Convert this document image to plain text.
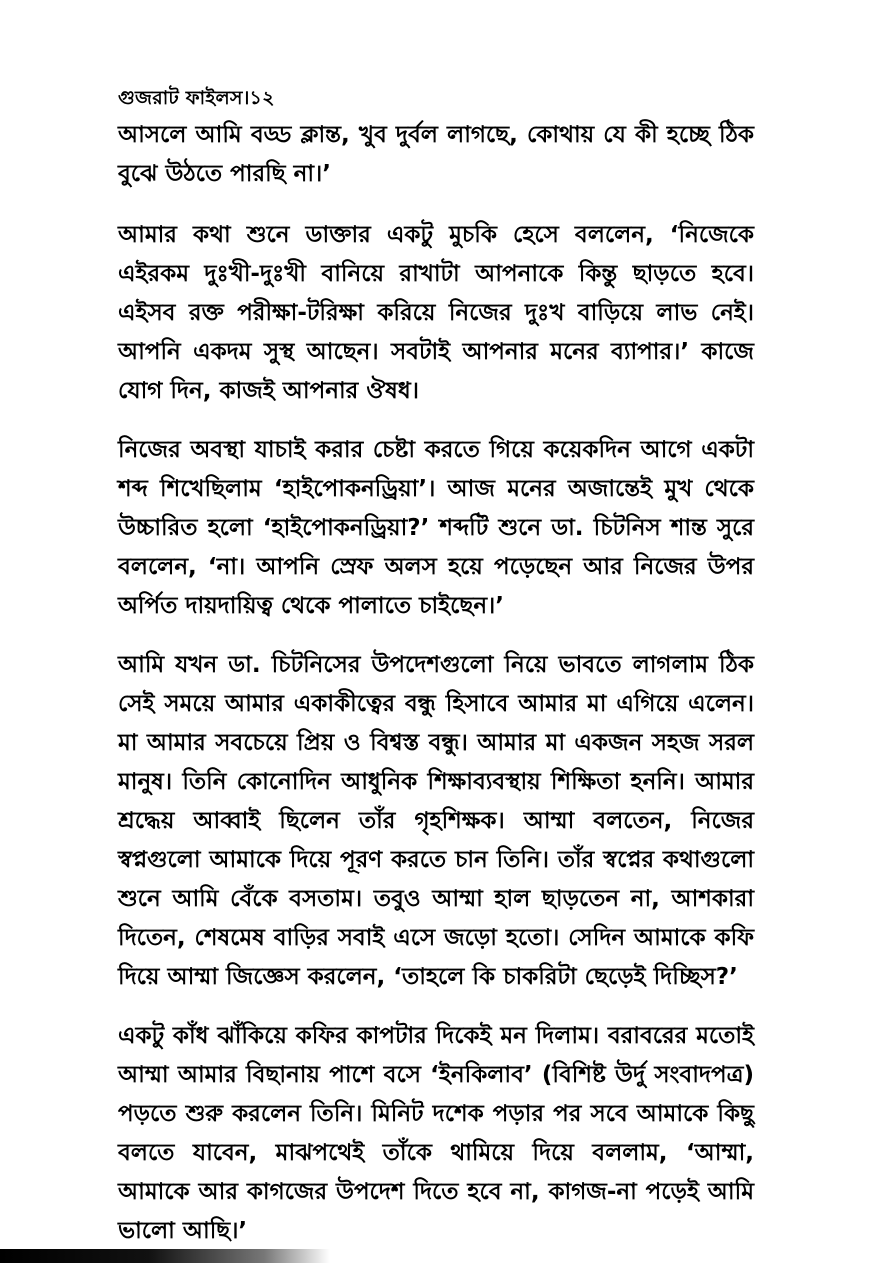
গুজরাট ফাইলস।১২

আসলে আমি বড্ড ক্লান্ত, খুব দুর্বল লাগছে, কোথায় যে কী হচ্ছে ঠিক বুঝে উঠতে পারছি না।’

আমার কথা শুনে ডাক্তার একটু মুচকি হেসে বললেন, ‘নিজেকে এইরকম দুঃখী-দুঃখী বানিয়ে রাখাটা আপনাকে কিন্তু ছাড়তে হবে। এইসব রক্ত পরীক্ষা-টরিক্ষা করিয়ে নিজের দুঃখ বাড়িয়ে লাভ নেই। আপনি একদম সুস্থ আছেন। সবটাই আপনার মনের ব্যাপার।’ কাজে যোগ দিন, কাজই আপনার ঔষধ।

নিজের অবস্থা যাচাই করার চেষ্টা করতে গিয়ে কয়েকদিন আগে একটা শব্দ শিখেছিলাম ‘হাইপোকনড্রিয়া’। আজ মনের অজান্তেই মুখ থেকে উচ্চারিত হলো ‘হাইপোকনড্রিয়া?’ শব্দটি শুনে ডা. চিটনিস শান্ত সুরে বললেন, ‘না। আপনি স্রেফ অলস হয়ে পড়েছেন আর নিজের উপর অর্পিত দায়দায়িত্ব থেকে পালাতে চাইছেন।’

আমি যখন ডা. চিটনিসের উপদেশগুলো নিয়ে ভাবতে লাগলাম ঠিক সেই সময়ে আমার একাকীত্বের বন্ধু হিসাবে আমার মা এগিয়ে এলেন। মা আমার সবচেয়ে প্রিয় ও বিশ্বস্ত বন্ধু। আমার মা একজন সহজ সরল মানুষ। তিনি কোনোদিন আধুনিক শিক্ষাব্যবস্থায় শিক্ষিতা হননি। আমার শ্রদ্ধেয় আব্বাই ছিলেন তাঁর গৃহশিক্ষক। আম্মা বলতেন, নিজের স্বপ্নগুলো আমাকে দিয়ে পূরণ করতে চান তিনি। তাঁর স্বপ্নের কথাগুলো শুনে আমি বেঁকে বসতাম। তবুও আম্মা হাল ছাড়তেন না, আশকারা দিতেন, শেষমেষ বাড়ির সবাই এসে জড়ো হতো। সেদিন আমাকে কফি দিয়ে আম্মা জিজ্ঞেস করলেন, ‘তাহলে কি চাকরিটা ছেড়েই দিচ্ছিস?’

একটু কাঁধ ঝাঁকিয়ে কফির কাপটার দিকেই মন দিলাম। বরাবরের মতোই আম্মা আমার বিছানায় পাশে বসে ‘ইনকিলাব’ (বিশিষ্ট উর্দু সংবাদপত্র) পড়তে শুরু করলেন তিনি। মিনিট দশেক পড়ার পর সবে আমাকে কিছু বলতে যাবেন, মাঝপথেই তাঁকে থামিয়ে দিয়ে বললাম, ‘আম্মা, আমাকে আর কাগজের উপদেশ দিতে হবে না, কাগজ-না পড়েই আমি ভালো আছি।’
